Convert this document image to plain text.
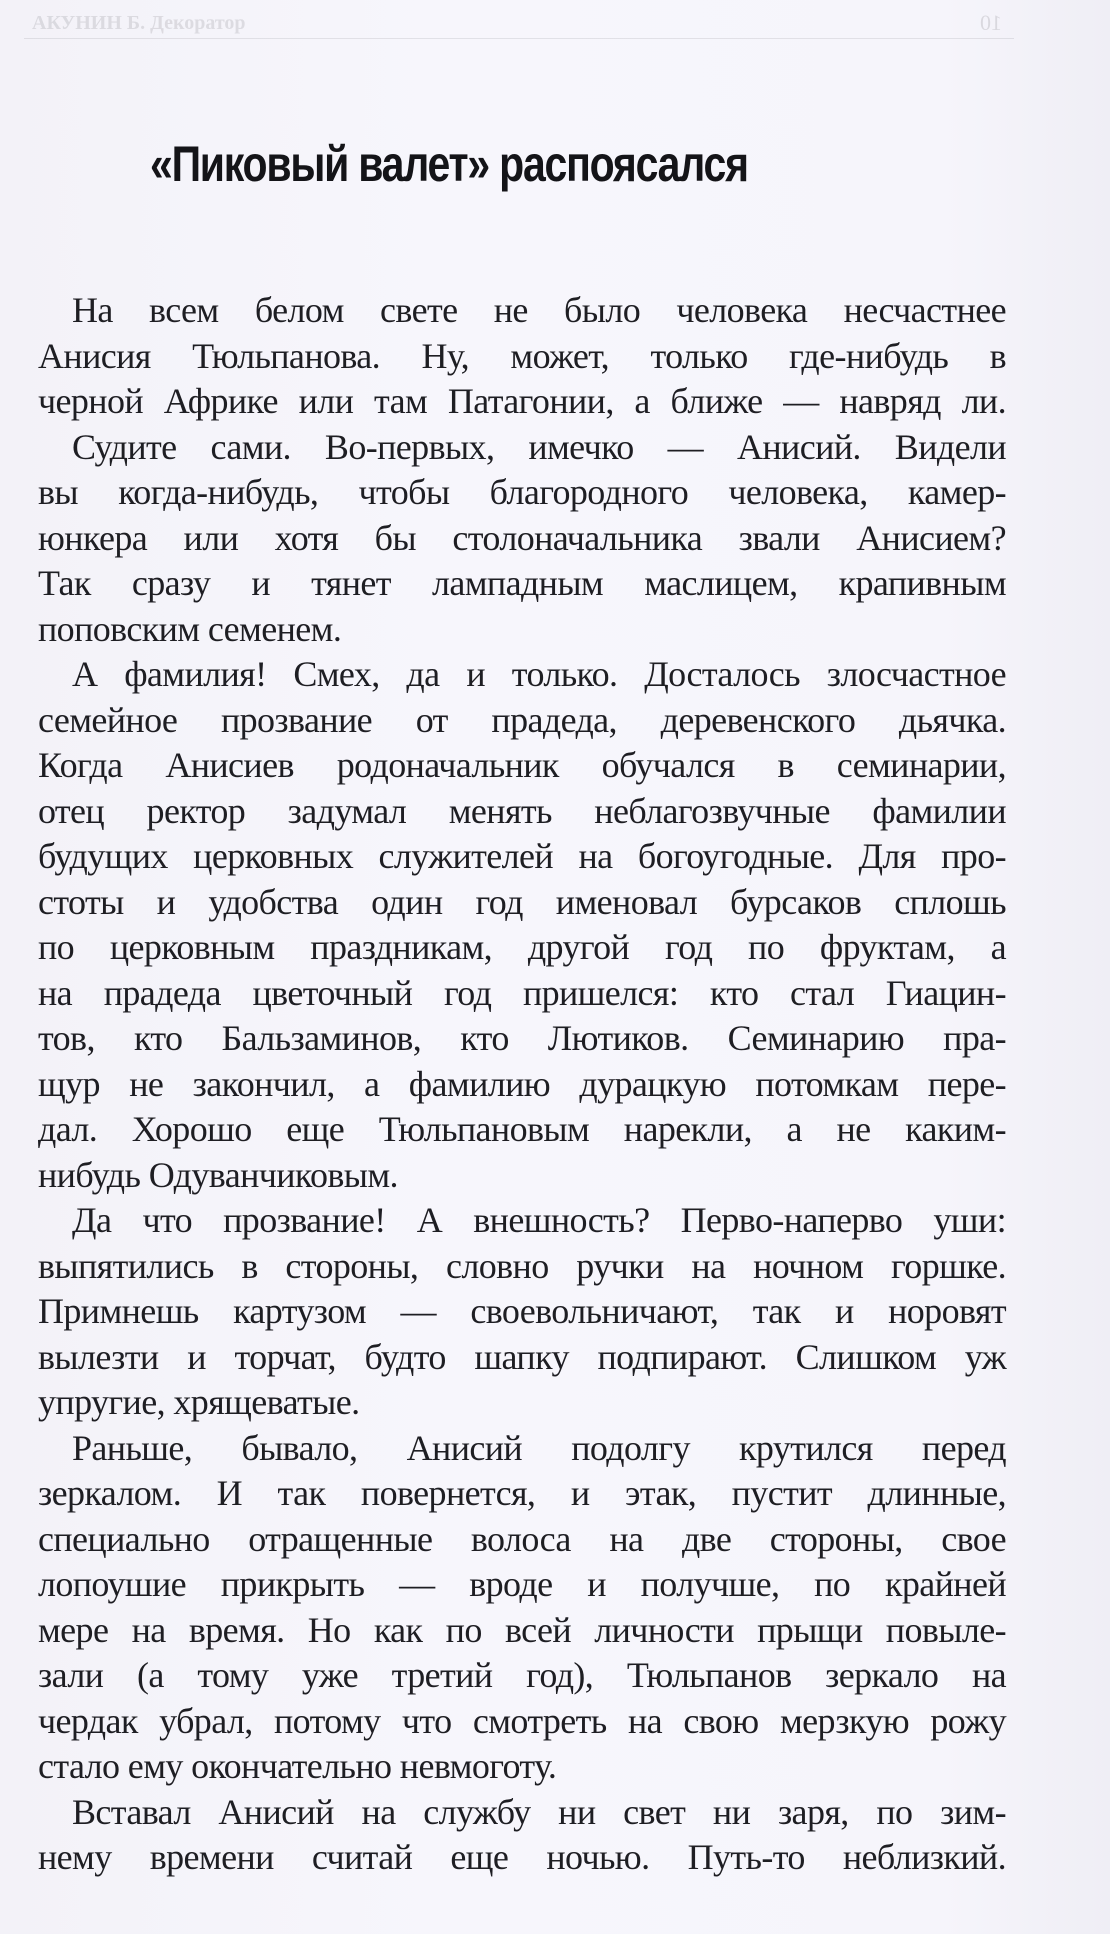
АКУНИН Б. Декоратор	10
«Пиковый валет» распоясался
На всем белом свете не было человека несчастнее
Анисия Тюльпанова. Ну, может, только где-нибудь в
черной Африке или там Патагонии, а ближе — навряд ли.
Судите сами. Во-первых, имечко — Анисий. Видели
вы когда-нибудь, чтобы благородного человека, камер-
юнкера или хотя бы столоначальника звали Анисием?
Так сразу и тянет лампадным маслицем, крапивным
поповским семенем.
А фамилия! Смех, да и только. Досталось злосчастное
семейное прозвание от прадеда, деревенского дьячка.
Когда Анисиев родоначальник обучался в семинарии,
отец ректор задумал менять неблагозвучные фамилии
будущих церковных служителей на богоугодные. Для про-
стоты и удобства один год именовал бурсаков сплошь
по церковным праздникам, другой год по фруктам, а
на прадеда цветочный год пришелся: кто стал Гиацин-
тов, кто Бальзаминов, кто Лютиков. Семинарию пра-
щур не закончил, а фамилию дурацкую потомкам пере-
дал. Хорошо еще Тюльпановым нарекли, а не каким-
нибудь Одуванчиковым.
Да что прозвание! А внешность? Перво-наперво уши:
выпятились в стороны, словно ручки на ночном горшке.
Примнешь картузом — своевольничают, так и норовят
вылезти и торчат, будто шапку подпирают. Слишком уж
упругие, хрящеватые.
Раньше, бывало, Анисий подолгу крутился перед
зеркалом. И так повернется, и этак, пустит длинные,
специально отращенные волоса на две стороны, свое
лопоушие прикрыть — вроде и получше, по крайней
мере на время. Но как по всей личности прыщи повыле-
зали (а тому уже третий год), Тюльпанов зеркало на
чердак убрал, потому что смотреть на свою мерзкую рожу
стало ему окончательно невмоготу.
Вставал Анисий на службу ни свет ни заря, по зим-
нему времени считай еще ночью. Путь-то неблизкий.
